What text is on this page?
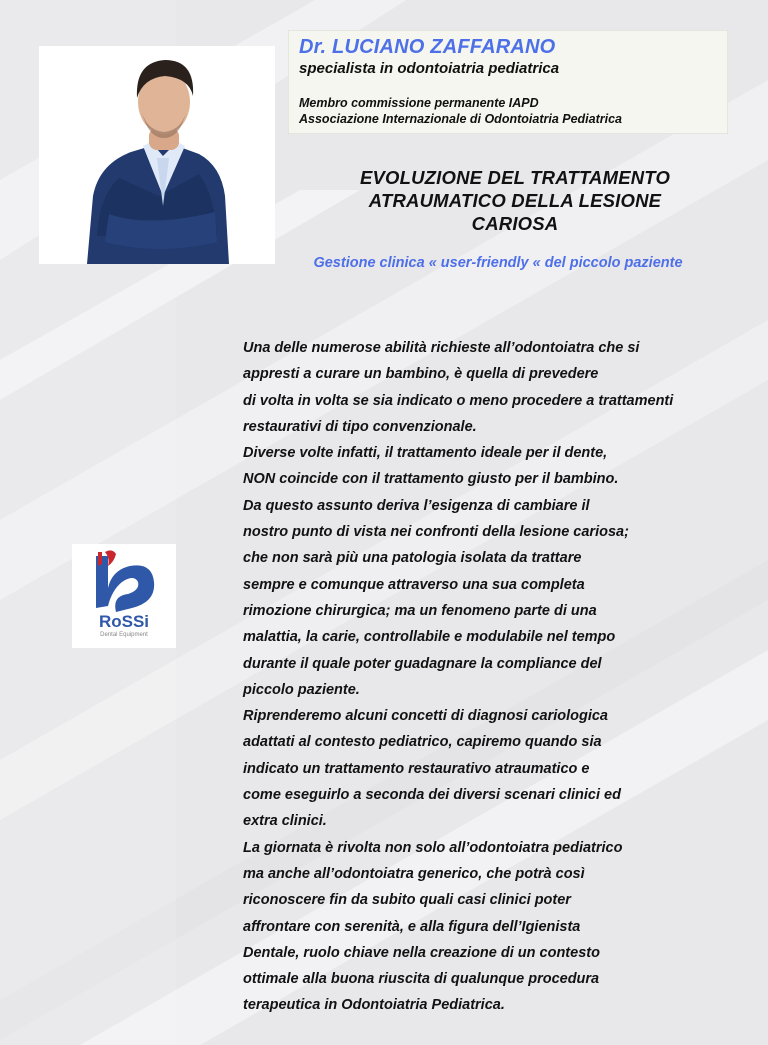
Dr. LUCIANO ZAFFARANO
specialista in odontoiatria pediatrica
Membro commissione permanente IAPD
Associazione Internazionale di Odontoiatria Pediatrica
EVOLUZIONE DEL TRATTAMENTO
ATRAUMATICO DELLA LESIONE
CARIOSA
Gestione clinica « user-friendly « del piccolo paziente
RoSSi
Dental Equipment
Una delle numerose abilità richieste all’odontoiatra che si
appresti a curare un bambino, è quella di prevedere
di volta in volta se sia indicato o meno procedere a trattamenti
restaurativi di tipo convenzionale.
Diverse volte infatti, il trattamento ideale per il dente,
NON coincide con il trattamento giusto per il bambino.
Da questo assunto deriva l’esigenza di cambiare il
nostro punto di vista nei confronti della lesione cariosa;
che non sarà più una patologia isolata da trattare
sempre e comunque attraverso una sua completa
rimozione chirurgica; ma un fenomeno parte di una
malattia, la carie, controllabile e modulabile nel tempo
durante il quale poter guadagnare la compliance del
piccolo paziente.
Riprenderemo alcuni concetti di diagnosi cariologica
adattati al contesto pediatrico, capiremo quando sia
indicato un trattamento restaurativo atraumatico e
come eseguirlo a seconda dei diversi scenari clinici ed
extra clinici.
La giornata è rivolta non solo all’odontoiatra pediatrico
ma anche all’odontoiatra generico, che potrà così
riconoscere fin da subito quali casi clinici poter
affrontare con serenità, e alla figura dell’Igienista
Dentale, ruolo chiave nella creazione di un contesto
ottimale alla buona riuscita di qualunque procedura
terapeutica in Odontoiatria Pediatrica.
